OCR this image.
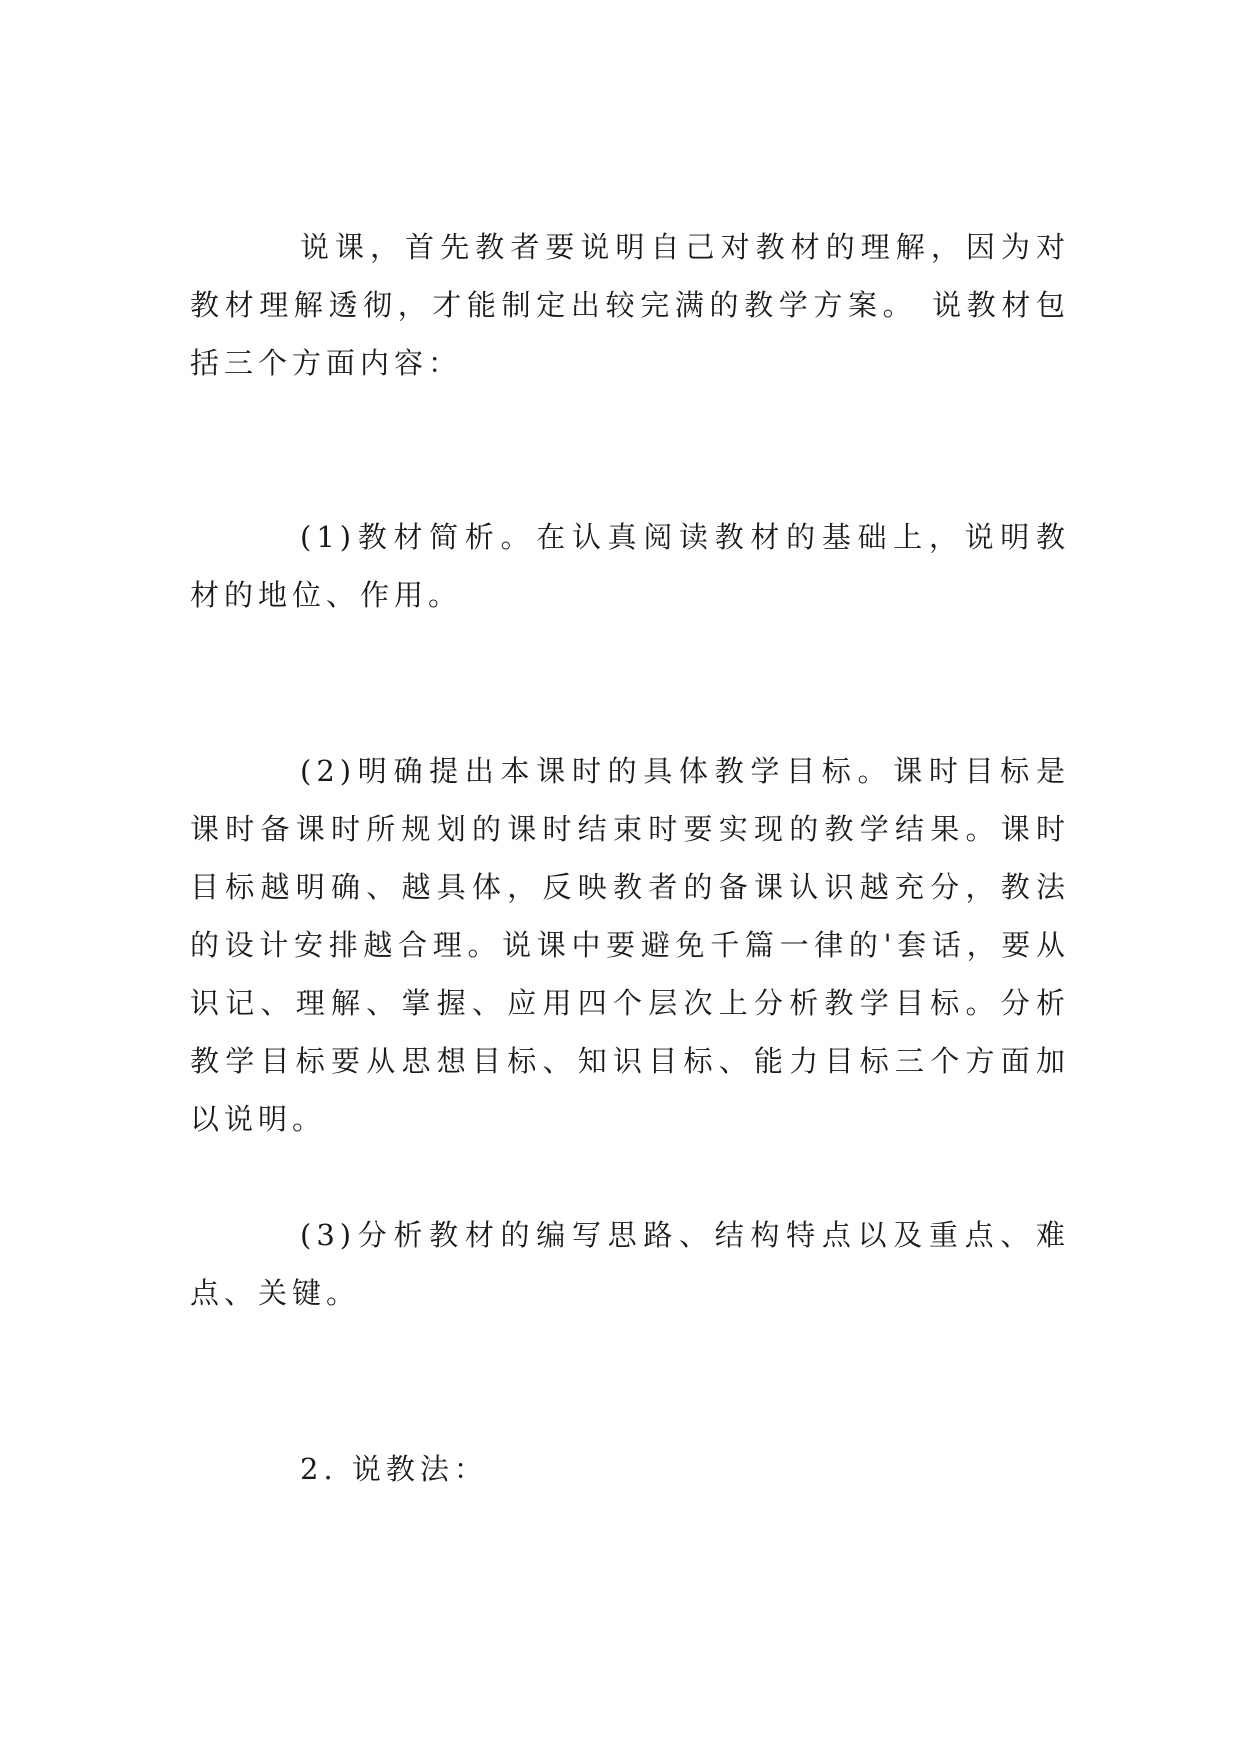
说课，首先教者要说明自己对教材的理解，因为对教材理解透彻，才能制定出较完满的教学方案。 说教材包括三个方面内容：

(1)教材简析。在认真阅读教材的基础上，说明教材的地位、作用。

(2)明确提出本课时的具体教学目标。课时目标是课时备课时所规划的课时结束时要实现的教学结果。课时目标越明确、越具体，反映教者的备课认识越充分，教法的设计安排越合理。说课中要避免千篇一律的'套话，要从识记、理解、掌握、应用四个层次上分析教学目标。分析教学目标要从思想目标、知识目标、能力目标三个方面加以说明。

(3)分析教材的编写思路、结构特点以及重点、难点、关键。

2. 说教法：
